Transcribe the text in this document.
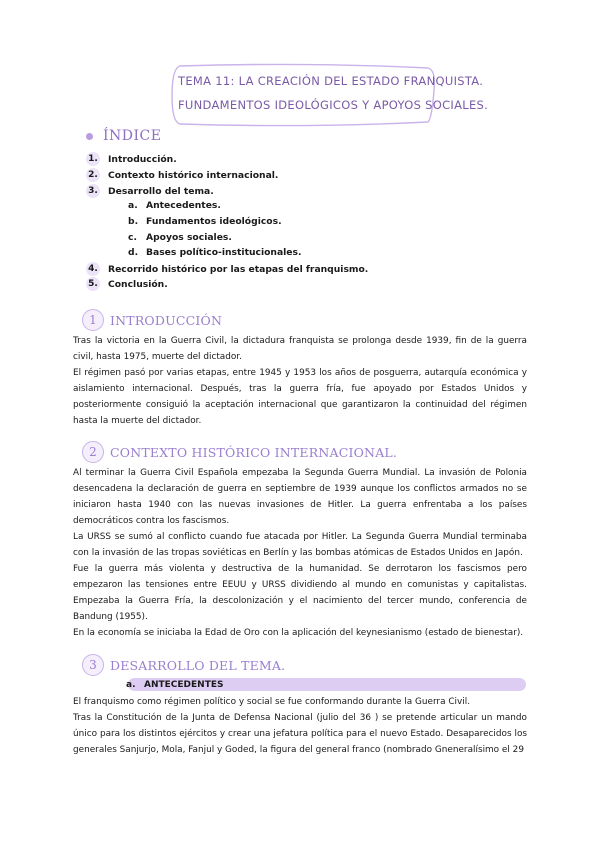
TEMA 11: LA CREACIÓN DEL ESTADO FRANQUISTA.
FUNDAMENTOS IDEOLÓGICOS Y APOYOS SOCIALES.
ÍNDICE
1. Introducción.
2. Contexto histórico internacional.
3. Desarrollo del tema.
a. Antecedentes.
b. Fundamentos ideológicos.
c. Apoyos sociales.
d. Bases político-institucionales.
4. Recorrido histórico por las etapas del franquismo.
5. Conclusión.
1	INTRODUCCIÓN
Tras la victoria en la Guerra Civil, la dictadura franquista se prolonga desde 1939, fin de la guerra civil, hasta 1975, muerte del dictador.
El régimen pasó por varias etapas, entre 1945 y 1953 los años de posguerra, autarquía económica y aislamiento internacional. Después, tras la guerra fría, fue apoyado por Estados Unidos y posteriormente consiguió la aceptación internacional que garantizaron la continuidad del régimen hasta la muerte del dictador.
2	CONTEXTO HISTÓRICO INTERNACIONAL.
Al terminar la Guerra Civil Española empezaba la Segunda Guerra Mundial. La invasión de Polonia desencadena la declaración de guerra en septiembre de 1939 aunque los conflictos armados no se iniciaron hasta 1940 con las nuevas invasiones de Hitler. La guerra enfrentaba a los países democráticos contra los fascismos.
La URSS se sumó al conflicto cuando fue atacada por Hitler. La Segunda Guerra Mundial terminaba con la invasión de las tropas soviéticas en Berlín y las bombas atómicas de Estados Unidos en Japón.
Fue la guerra más violenta y destructiva de la humanidad. Se derrotaron los fascismos pero empezaron las tensiones entre EEUU y URSS dividiendo al mundo en comunistas y capitalistas. Empezaba la Guerra Fría, la descolonización y el nacimiento del tercer mundo, conferencia de Bandung (1955).
En la economía se iniciaba la Edad de Oro con la aplicación del keynesianismo (estado de bienestar).
3	DESARROLLO DEL TEMA.
a. ANTECEDENTES
El franquismo como régimen político y social se fue conformando durante la Guerra Civil.
Tras la Constitución de la Junta de Defensa Nacional (julio del 36 ) se pretende articular un mando único para los distintos ejércitos y crear una jefatura política para el nuevo Estado. Desaparecidos los generales Sanjurjo, Mola, Fanjul y Goded, la figura del general franco (nombrado Gneneralísimo el 29
